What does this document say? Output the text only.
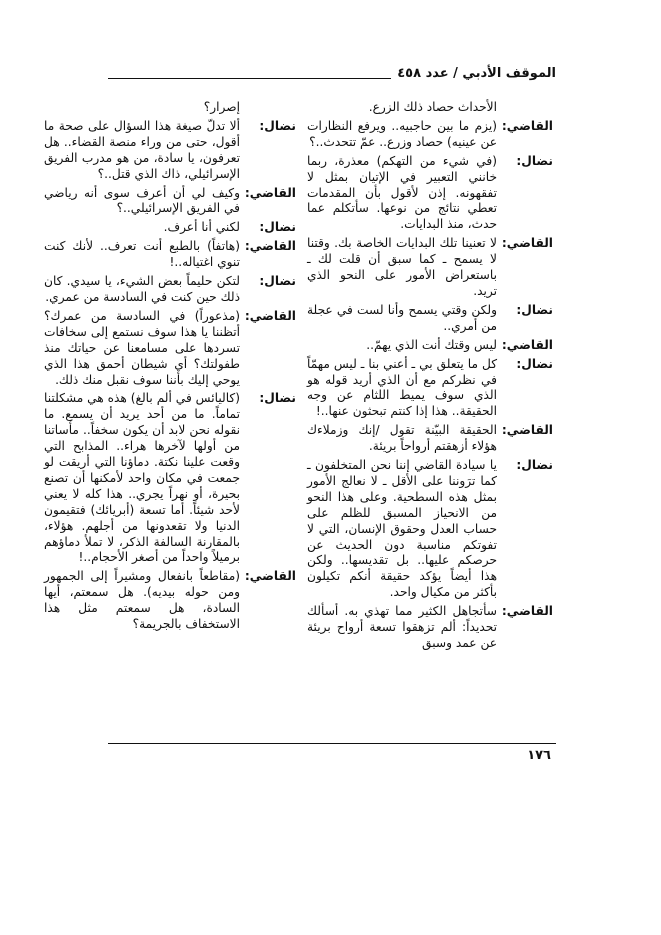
الموقف الأدبي / عدد ٤٥٨
الأحداث حصاد ذلك الزرع.
القاضي:
(يزم ما بين حاجبيه.. ويرفع النظارات عن عينيه) حصاد وزرع.. عمّ تتحدث..؟
نضال:
(في شيء من التهكم) معذرة، ربما خانني التعبير في الإتيان بمثل لا تفقهونه. إذن لأقول بأن المقدمات تعطي نتائج من نوعها. سأتكلم عما حدث، منذ البدايات.
القاضي:
لا تعنينا تلك البدايات الخاصة بك. وقتنا لا يسمح ـ كما سبق أن قلت لك ـ باستعراض الأمور على النحو الذي تريد.
نضال:
ولكن وقتي يسمح وأنا لست في عجلة من أمري..
القاضي:
ليس وقتك أنت الذي يهمّ..
نضال:
كل ما يتعلق بي ـ أعني بنا ـ ليس مهمّاً في نظركم مع أن الذي أريد قوله هو الذي سوف يميط اللثام عن وجه الحقيقة.. هذا إذا كنتم تبحثون عنها..!
القاضي:
الحقيقة البيّنة تقول /إنك وزملاءك هؤلاء أزهقتم أرواحاً بريئة.
نضال:
يا سيادة القاضي إننا نحن المتخلفون ـ كما ترَوننا على الأقل ـ لا نعالج الأمور بمثل هذه السطحية. وعلى هذا النحو من الانحياز المسبق للظلم على حساب العدل وحقوق الإنسان، التي لا تفوتكم مناسبة دون الحديث عن حرصكم عليها.. بل تقديسها.. ولكن هذا أيضاً يؤكد حقيقة أنكم تكيلون بأكثر من مكيال واحد.
القاضي:
سأتجاهل الكثير مما تهذي به. أسألك تحديداً: ألم تزهقوا تسعة أرواح بريئة عن عمد وسبق
إصرار؟
نضال:
ألا تدلّ صيغة هذا السؤال على صحة ما أقول، حتى من وراء منصة القضاء.. هل تعرفون، يا سادة، من هو مدرب الفريق الإسرائيلي، ذاك الذي قتل..؟
القاضي:
وكيف لي أن أعرف سوى أنه رياضي في الفريق الإسرائيلي..؟
نضال:
لكني أنا أعرف.
القاضي:
(هاتفاً) بالطبع أنت تعرف.. لأنك كنت تنوي اغتياله..!
نضال:
لتكن حليماً بعض الشيء، يا سيدي. كان ذلك حين كنت في السادسة من عمري.
القاضي:
(مذعوراً) في السادسة من عمرك؟ أتظننا يا هذا سوف نستمع إلى سخافات تسردها على مسامعنا عن حياتك منذ طفولتك؟ أي شيطان أحمق هذا الذي يوحي إليك بأننا سوف نقبل منك ذلك.
نضال:
(كاليائس في ألم بالغ) هذه هي مشكلتنا تماماً. ما من أحد يريد أن يسمع. ما نقوله نحن لابد أن يكون سخفاً.. مأساتنا من أولها لآخرها هراء.. المذابح التي وقعت علينا نكتة. دماؤنا التي أريقت لو جمعت في مكان واحد لأمكنها أن تصنع بحيرة، أو نهراً يجري.. هذا كله لا يعني لأحد شيئاً. أما تسعة (أبريائك) فتقيمون الدنيا ولا تقعدونها من أجلهم. هؤلاء، بالمقارنة السالفة الذكر، لا تملأ دماؤهم برميلاً واحداً من أصغر الأحجام..!
القاضي:
(مقاطعاً بانفعال ومشيراً إلى الجمهور ومن حوله بيديه). هل سمعتم، أيها السادة، هل سمعتم مثل هذا الاستخفاف بالجريمة؟
١٧٦
